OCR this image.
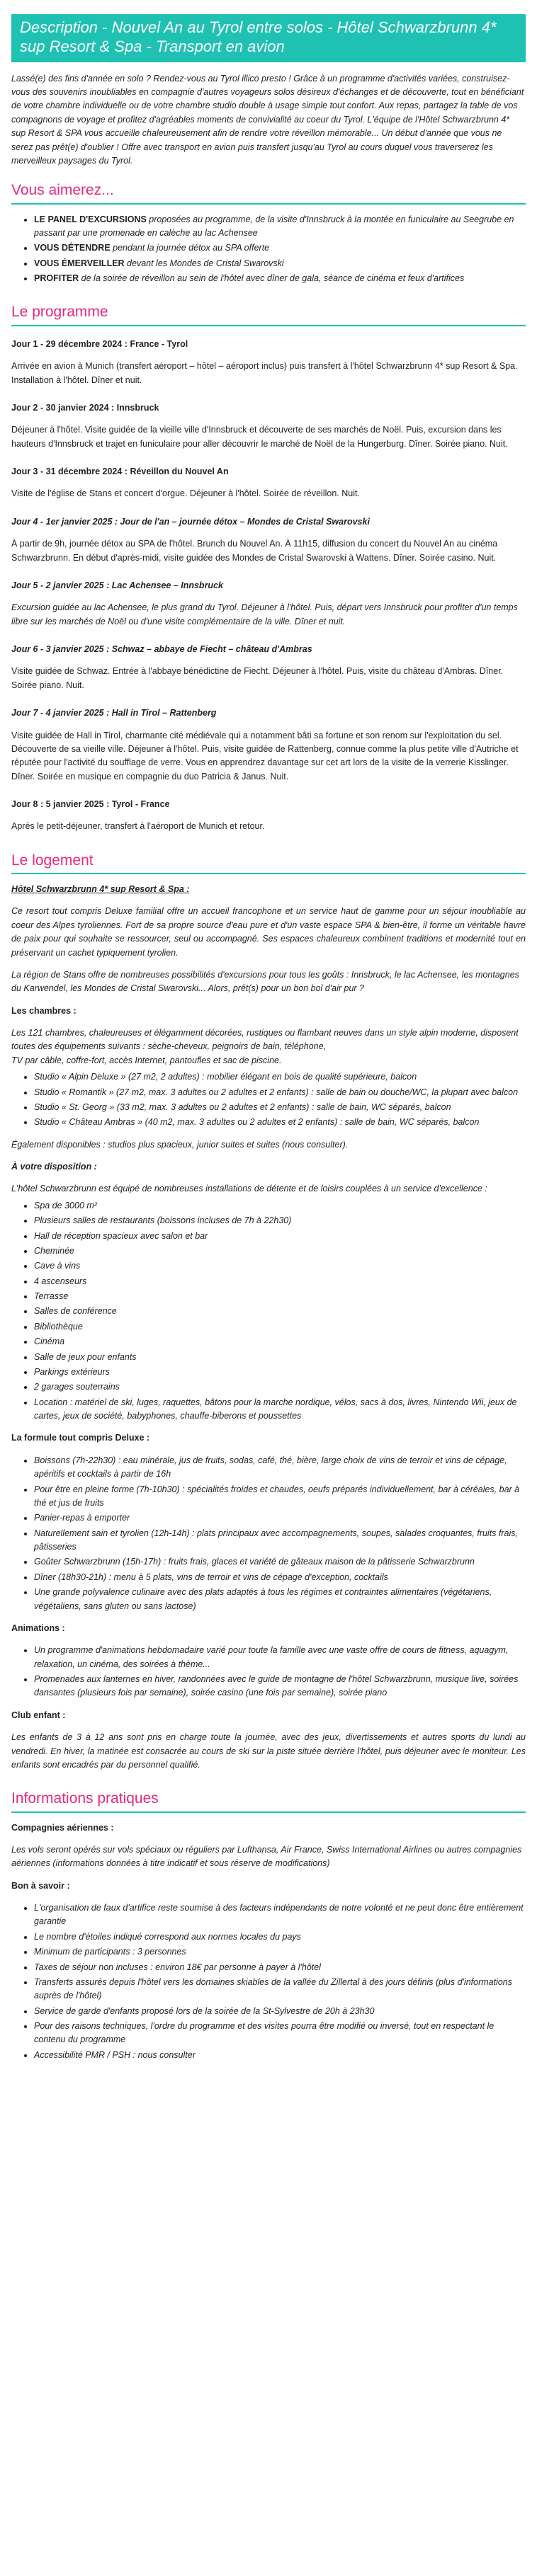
Description - Nouvel An au Tyrol entre solos - Hôtel Schwarzbrunn 4* sup Resort & Spa - Transport en avion

Lassé(e) des fins d'année en solo ? Rendez-vous au Tyrol illico presto ! Grâce à un programme d'activités variées, construisez-vous des souvenirs inoubliables en compagnie d'autres voyageurs solos désireux d'échanges et de découverte, tout en bénéficiant de votre chambre individuelle ou de votre chambre studio double à usage simple tout confort. Aux repas, partagez la table de vos compagnons de voyage et profitez d'agréables moments de convivialité au coeur du Tyrol. L'équipe de l'Hôtel Schwarzbrunn 4* sup Resort & SPA vous accueille chaleureusement afin de rendre votre réveillon mémorable... Un début d'année que vous ne serez pas prêt(e) d'oublier ! Offre avec transport en avion puis transfert jusqu'au Tyrol au cours duquel vous traverserez les merveilleux paysages du Tyrol.

Vous aimerez...
• LE PANEL D'EXCURSIONS proposées au programme, de la visite d'Innsbruck à la montée en funiculaire au Seegrube en passant par une promenade en calèche au lac Achensee
• VOUS DÉTENDRE pendant la journée détox au SPA offerte
• VOUS ÉMERVEILLER devant les Mondes de Cristal Swarovski
• PROFITER de la soirée de réveillon au sein de l'hôtel avec dîner de gala, séance de cinéma et feux d'artifices
Le programme
Jour 1 - 29 décembre 2024 : France - Tyrol

Arrivée en avion à Munich (transfert aéroport – hôtel – aéroport inclus) puis transfert à l'hôtel Schwarzbrunn 4* sup Resort & Spa. Installation à l'hôtel. Dîner et nuit.

Jour 2 - 30 janvier 2024 : Innsbruck

Déjeuner à l'hôtel. Visite guidée de la vieille ville d'Innsbruck et découverte de ses marchés de Noël. Puis, excursion dans les hauteurs d'Innsbruck et trajet en funiculaire pour aller découvrir le marché de Noël de la Hungerburg. Dîner. Soirée piano. Nuit.

Jour 3 - 31 décembre 2024 : Réveillon du Nouvel An

Visite de l'église de Stans et concert d'orgue. Déjeuner à l'hôtel. Soirée de réveillon. Nuit.

Jour 4 - 1er janvier 2025 : Jour de l'an – journée détox – Mondes de Cristal Swarovski

À partir de 9h, journée détox au SPA de l'hôtel. Brunch du Nouvel An. À 11h15, diffusion du concert du Nouvel An au cinéma Schwarzbrunn. En début d'après-midi, visite guidée des Mondes de Cristal Swarovski à Wattens. Dîner. Soirée casino. Nuit.

Jour 5 - 2 janvier 2025 : Lac Achensee – Innsbruck

Excursion guidée au lac Achensee, le plus grand du Tyrol. Déjeuner à l'hôtel. Puis, départ vers Innsbruck pour profiter d'un temps libre sur les marchés de Noël ou d'une visite complémentaire de la ville. Dîner et nuit.

Jour 6 - 3 janvier 2025 : Schwaz – abbaye de Fiecht – château d'Ambras

Visite guidée de Schwaz. Entrée à l'abbaye bénédictine de Fiecht. Déjeuner à l'hôtel. Puis, visite du château d'Ambras. Dîner. Soirée piano. Nuit.

Jour 7 - 4 janvier 2025 : Hall in Tirol – Rattenberg

Visite guidée de Hall in Tirol, charmante cité médiévale qui a notamment bâti sa fortune et son renom sur l'exploitation du sel. Découverte de sa vieille ville. Déjeuner à l'hôtel. Puis, visite guidée de Rattenberg, connue comme la plus petite ville d'Autriche et réputée pour l'activité du soufflage de verre. Vous en apprendrez davantage sur cet art lors de la visite de la verrerie Kisslinger. Dîner. Soirée en musique en compagnie du duo Patricia & Janus. Nuit.

Jour 8 : 5 janvier 2025 : Tyrol - France

Après le petit-déjeuner, transfert à l'aéroport de Munich et retour.

Le logement

Hôtel Schwarzbrunn 4* sup Resort & Spa :

Ce resort tout compris Deluxe familial offre un accueil francophone et un service haut de gamme pour un séjour inoubliable au coeur des Alpes tyroliennes. Fort de sa propre source d'eau pure et d'un vaste espace SPA & bien-être, il forme un véritable havre de paix pour qui souhaite se ressourcer, seul ou accompagné. Ses espaces chaleureux combinent traditions et modernité tout en préservant un cachet typiquement tyrolien.

La région de Stans offre de nombreuses possibilités d'excursions pour tous les goûts : Innsbruck, le lac Achensee, les montagnes du Karwendel, les Mondes de Cristal Swarovski... Alors, prêt(s) pour un bon bol d'air pur ?

Les chambres :

Les 121 chambres, chaleureuses et élégamment décorées, rustiques ou flambant neuves dans un style alpin moderne, disposent toutes des équipements suivants : sèche-cheveux, peignoirs de bain, téléphone,
TV par câble, coffre-fort, accès Internet, pantoufles et sac de piscine.

• Studio « Alpin Deluxe » (27 m2, 2 adultes) : mobilier élégant en bois de qualité supérieure, balcon
• Studio « Romantik » (27 m2, max. 3 adultes ou 2 adultes et 2 enfants) : salle de bain ou douche/WC, la plupart avec balcon
• Studio « St. Georg » (33 m2, max. 3 adultes ou 2 adultes et 2 enfants) : salle de bain, WC séparés, balcon
• Studio « Château Ambras » (40 m2, max. 3 adultes ou 2 adultes et 2 enfants) : salle de bain, WC séparés, balcon

Également disponibles : studios plus spacieux, junior suites et suites (nous consulter).

À votre disposition :

L'hôtel Schwarzbrunn est équipé de nombreuses installations de détente et de loisirs couplées à un service d'excellence :

• Spa de 3000 m²
• Plusieurs salles de restaurants (boissons incluses de 7h à 22h30)
• Hall de réception spacieux avec salon et bar
• Cheminée
• Cave à vins
• 4 ascenseurs
• Terrasse
• Salles de conférence
• Bibliothèque
• Cinéma
• Salle de jeux pour enfants
• Parkings extérieurs
• 2 garages souterrains
• Location : matériel de ski, luges, raquettes, bâtons pour la marche nordique, vélos, sacs à dos, livres, Nintendo Wii, jeux de cartes, jeux de société, babyphones, chauffe-biberons et poussettes
La formule tout compris Deluxe :
• Boissons (7h-22h30) : eau minérale, jus de fruits, sodas, café, thé, bière, large choix de vins de terroir et vins de cépage, apéritifs et cocktails à partir de 16h
• Pour être en pleine forme (7h-10h30) : spécialités froides et chaudes, oeufs préparés individuellement, bar à céréales, bar à thé et jus de fruits
• Panier-repas à emporter
• Naturellement sain et tyrolien (12h-14h) : plats principaux avec accompagnements, soupes, salades croquantes, fruits frais, pâtisseries
• Goûter Schwarzbrunn (15h-17h) : fruits frais, glaces et variété de gâteaux maison de la pâtisserie Schwarzbrunn
• Dîner (18h30-21h) : menu à 5 plats, vins de terroir et vins de cépage d'exception, cocktails
• Une grande polyvalence culinaire avec des plats adaptés à tous les régimes et contraintes alimentaires (végétariens, végétaliens, sans gluten ou sans lactose)
Animations :
• Un programme d'animations hebdomadaire varié pour toute la famille avec une vaste offre de cours de fitness, aquagym, relaxation, un cinéma, des soirées à thème...
• Promenades aux lanternes en hiver, randonnées avec le guide de montagne de l'hôtel Schwarzbrunn, musique live, soirées dansantes (plusieurs fois par semaine), soirée casino (une fois par semaine), soirée piano
Club enfant :

Les enfants de 3 à 12 ans sont pris en charge toute la journée, avec des jeux, divertissements et autres sports du lundi au vendredi. En hiver, la matinée est consacrée au cours de ski sur la piste située derrière l'hôtel, puis déjeuner avec le moniteur. Les enfants sont encadrés par du personnel qualifié.

Informations pratiques
Compagnies aériennes :

Les vols seront opérés sur vols spéciaux ou réguliers par Lufthansa, Air France, Swiss International Airlines ou autres compagnies aériennes (informations données à titre indicatif et sous réserve de modifications)

Bon à savoir :
• L'organisation de faux d'artifice reste soumise à des facteurs indépendants de notre volonté et ne peut donc être entièrement garantie
• Le nombre d'étoiles indiqué correspond aux normes locales du pays
• Minimum de participants : 3 personnes
• Taxes de séjour non incluses : environ 18€ par personne à payer à l'hôtel
• Transferts assurés depuis l'hôtel vers les domaines skiables de la vallée du Zillertal à des jours définis (plus d'informations auprès de l'hôtel)
• Service de garde d'enfants proposé lors de la soirée de la St-Sylvestre de 20h à 23h30
• Pour des raisons techniques, l'ordre du programme et des visites pourra être modifié ou inversé, tout en respectant le contenu du programme
• Accessibilité PMR / PSH : nous consulter
